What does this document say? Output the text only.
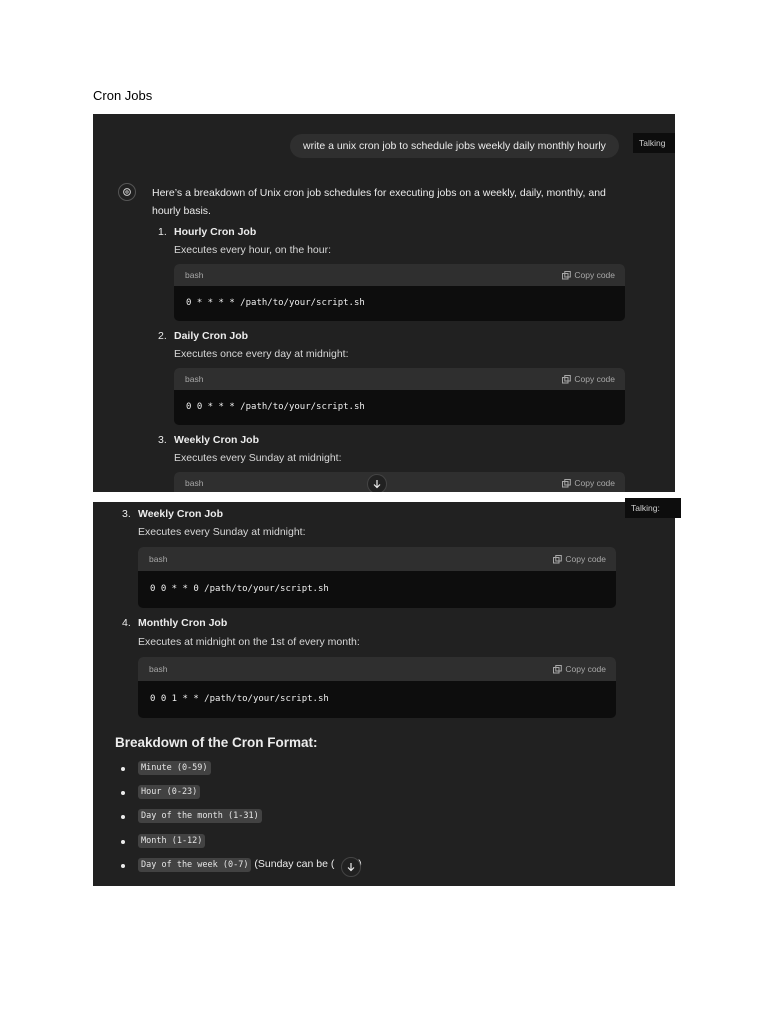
Cron Jobs
write a unix cron job to schedule jobs weekly daily monthly hourly	Talking
Here’s a breakdown of Unix cron job schedules for executing jobs on a weekly, daily, monthly, and hourly basis.
1. Hourly Cron Job
Executes every hour, on the hour:
bash	Copy code
0 * * * * /path/to/your/script.sh
2. Daily Cron Job
Executes once every day at midnight:
bash	Copy code
0 0 * * * /path/to/your/script.sh
3. Weekly Cron Job
Executes every Sunday at midnight:
bash	Copy code
Talking:
3. Weekly Cron Job
Executes every Sunday at midnight:
bash	Copy code
0 0 * * 0 /path/to/your/script.sh
4. Monthly Cron Job
Executes at midnight on the 1st of every month:
bash	Copy code
0 0 1 * * /path/to/your/script.sh
Breakdown of the Cron Format:
Minute (0-59)
Hour (0-23)
Day of the month (1-31)
Month (1-12)
Day of the week (0-7) (Sunday can be (
